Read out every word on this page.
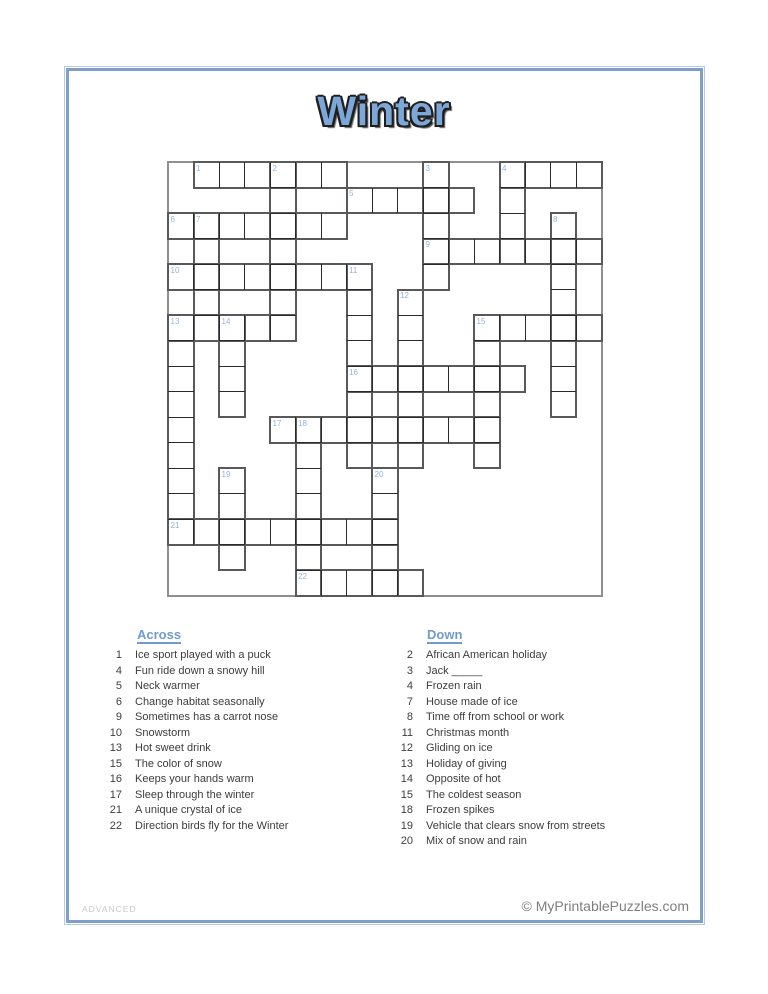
Winter
1	2	3	4
5
6	7	8
9
10	11
12
13	14	15
16
17 18
19	20
21
22
Across
1 Ice sport played with a puck
4 Fun ride down a snowy hill
5 Neck warmer
6 Change habitat seasonally
9 Sometimes has a carrot nose
10 Snowstorm
13 Hot sweet drink
15 The color of snow
16 Keeps your hands warm
17 Sleep through the winter
21 A unique crystal of ice
22 Direction birds fly for the Winter
Down
2 African American holiday
3 Jack _____
4 Frozen rain
7 House made of ice
8 Time off from school or work
11 Christmas month
12 Gliding on ice
13 Holiday of giving
14 Opposite of hot
15 The coldest season
18 Frozen spikes
19 Vehicle that clears snow from streets
20 Mix of snow and rain
ADVANCED	© MyPrintablePuzzles.com
